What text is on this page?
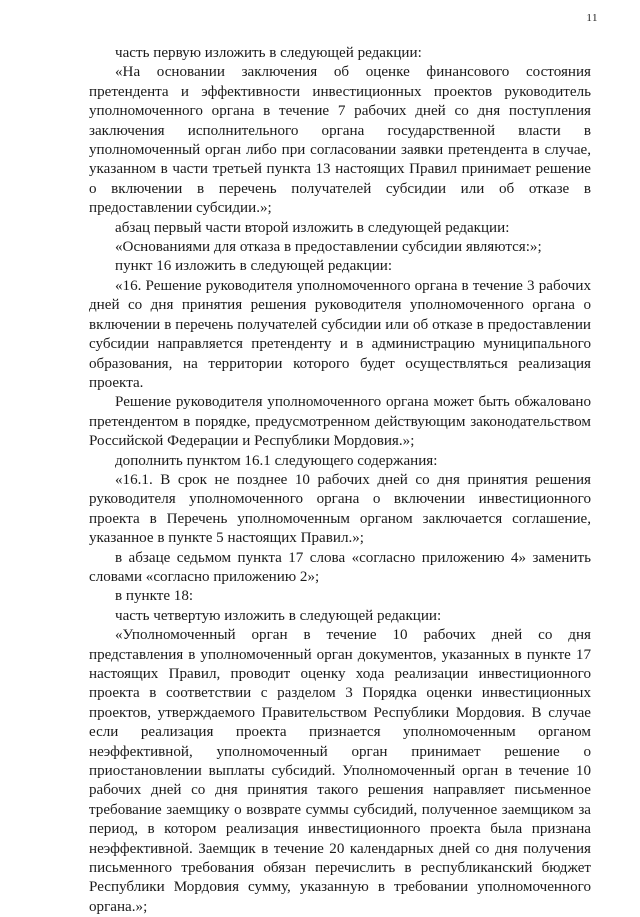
11

часть первую изложить в следующей редакции:

«На основании заключения об оценке финансового состояния претендента и эффективности инвестиционных проектов руководитель уполномоченного органа в течение 7 рабочих дней со дня поступления заключения исполнительного органа государственной власти в уполномоченный орган либо при согласовании заявки претендента в случае, указанном в части третьей пункта 13 настоящих Правил принимает решение о включении в перечень получателей субсидии или об отказе в предоставлении субсидии.»;

абзац первый части второй изложить в следующей редакции:

«Основаниями для отказа в предоставлении субсидии являются:»;

пункт 16 изложить в следующей редакции:

«16. Решение руководителя уполномоченного органа в течение 3 рабочих дней со дня принятия решения руководителя уполномоченного органа о включении в перечень получателей субсидии или об отказе в предоставлении субсидии направляется претенденту и в администрацию муниципального образования, на территории которого будет осуществляться реализация проекта.

Решение руководителя уполномоченного органа может быть обжаловано претендентом в порядке, предусмотренном действующим законодательством Российской Федерации и Республики Мордовия.»;

дополнить пунктом 16.1 следующего содержания:

«16.1. В срок не позднее 10 рабочих дней со дня принятия решения руководителя уполномоченного органа о включении инвестиционного проекта в Перечень уполномоченным органом заключается соглашение, указанное в пункте 5 настоящих Правил.»;

в абзаце седьмом пункта 17 слова «согласно приложению 4» заменить словами «согласно приложению 2»;

в пункте 18:

часть четвертую изложить в следующей редакции:

«Уполномоченный орган в течение 10 рабочих дней со дня представления в уполномоченный орган документов, указанных в пункте 17 настоящих Правил, проводит оценку хода реализации инвестиционного проекта в соответствии с разделом 3 Порядка оценки инвестиционных проектов, утверждаемого Правительством Республики Мордовия. В случае если реализация проекта признается уполномоченным органом неэффективной, уполномоченный орган принимает решение о приостановлении выплаты субсидий. Уполномоченный орган в течение 10 рабочих дней со дня принятия такого решения направляет письменное требование заемщику о возврате суммы субсидий, полученное заемщиком за период, в котором реализация инвестиционного проекта была признана неэффективной. Заемщик в течение 20 календарных дней со дня получения письменного требования обязан перечислить в республиканский бюджет Республики Мордовия сумму, указанную в требовании уполномоченного органа.»;
